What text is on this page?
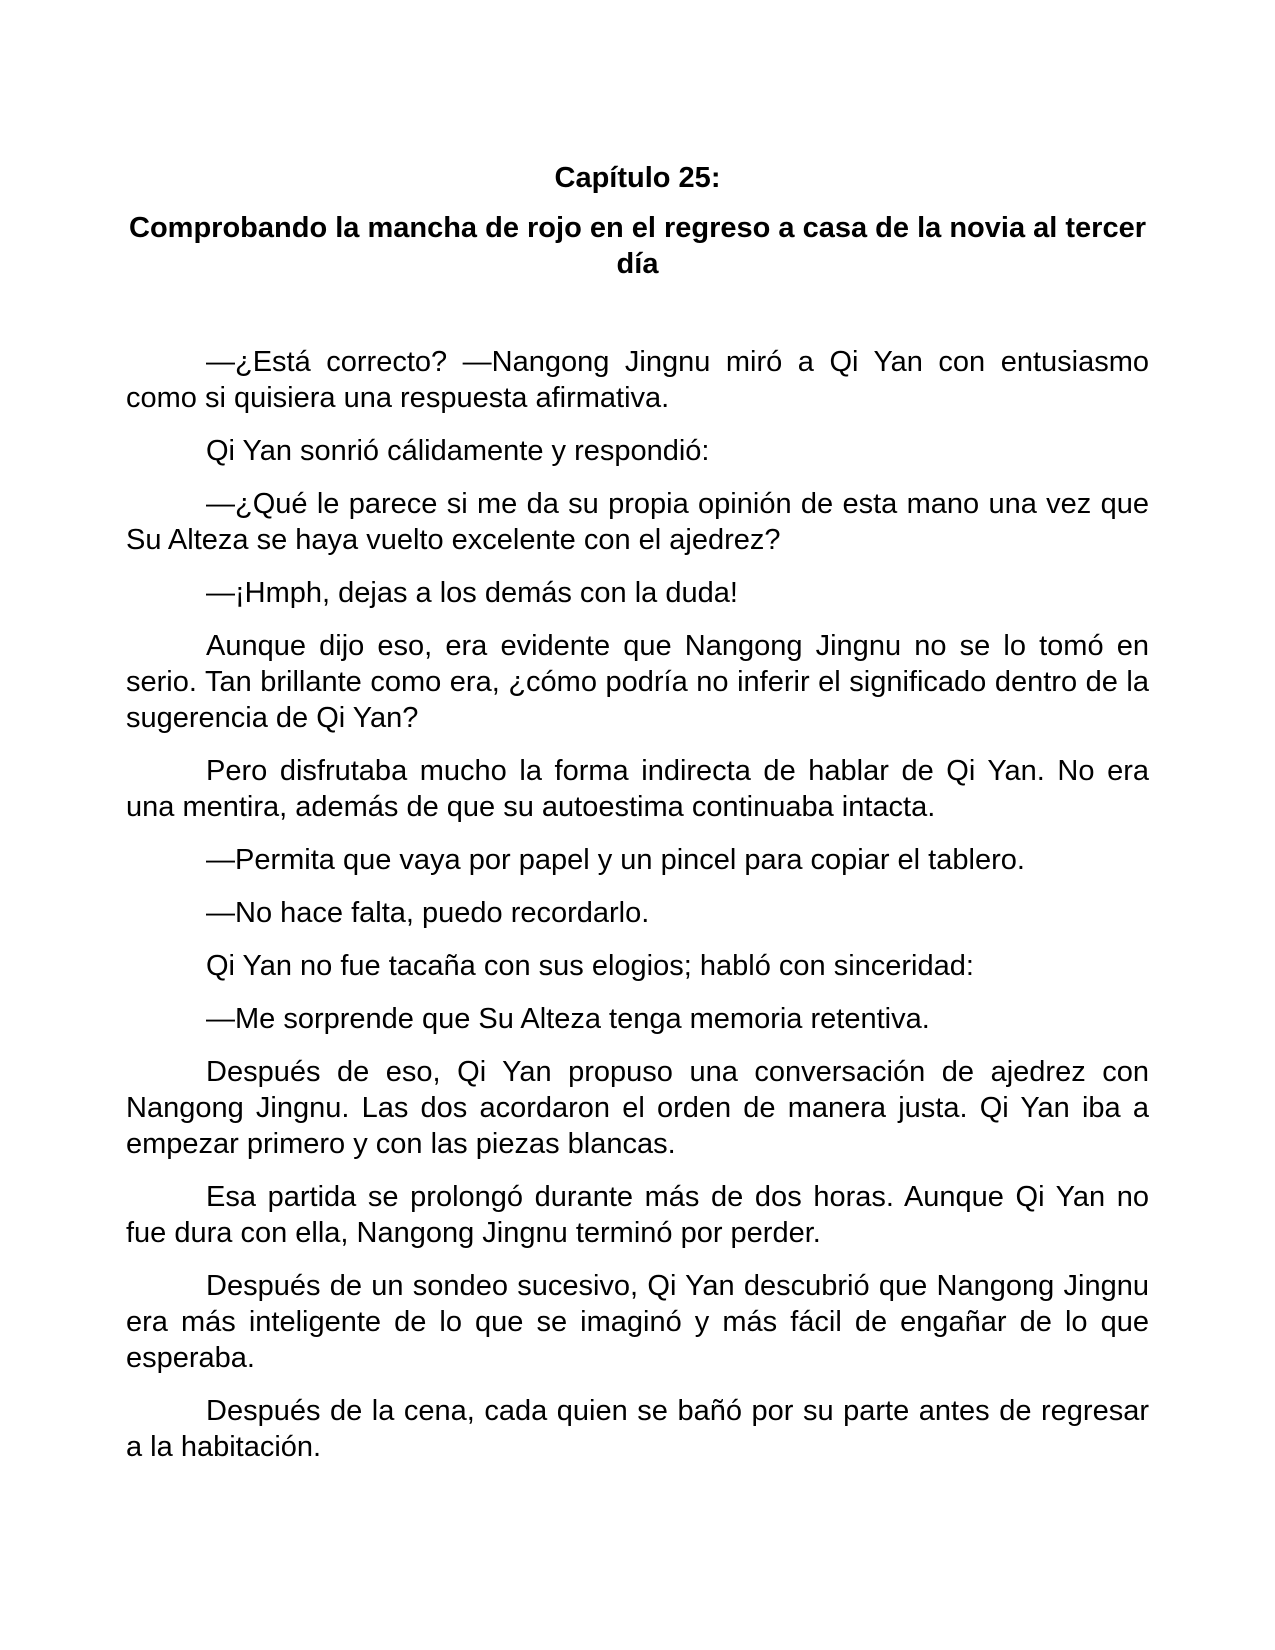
Capítulo 25:
Comprobando la mancha de rojo en el regreso a casa de la novia al tercer día

—¿Está correcto? —Nangong Jingnu miró a Qi Yan con entusiasmo como si quisiera una respuesta afirmativa.

Qi Yan sonrió cálidamente y respondió:

—¿Qué le parece si me da su propia opinión de esta mano una vez que Su Alteza se haya vuelto excelente con el ajedrez?

—¡Hmph, dejas a los demás con la duda!

Aunque dijo eso, era evidente que Nangong Jingnu no se lo tomó en serio. Tan brillante como era, ¿cómo podría no inferir el significado dentro de la sugerencia de Qi Yan?

Pero disfrutaba mucho la forma indirecta de hablar de Qi Yan. No era una mentira, además de que su autoestima continuaba intacta.

—Permita que vaya por papel y un pincel para copiar el tablero.

—No hace falta, puedo recordarlo.

Qi Yan no fue tacaña con sus elogios; habló con sinceridad:

—Me sorprende que Su Alteza tenga memoria retentiva.

Después de eso, Qi Yan propuso una conversación de ajedrez con Nangong Jingnu. Las dos acordaron el orden de manera justa. Qi Yan iba a empezar primero y con las piezas blancas.

Esa partida se prolongó durante más de dos horas. Aunque Qi Yan no fue dura con ella, Nangong Jingnu terminó por perder.

Después de un sondeo sucesivo, Qi Yan descubrió que Nangong Jingnu era más inteligente de lo que se imaginó y más fácil de engañar de lo que esperaba.

Después de la cena, cada quien se bañó por su parte antes de regresar a la habitación.
